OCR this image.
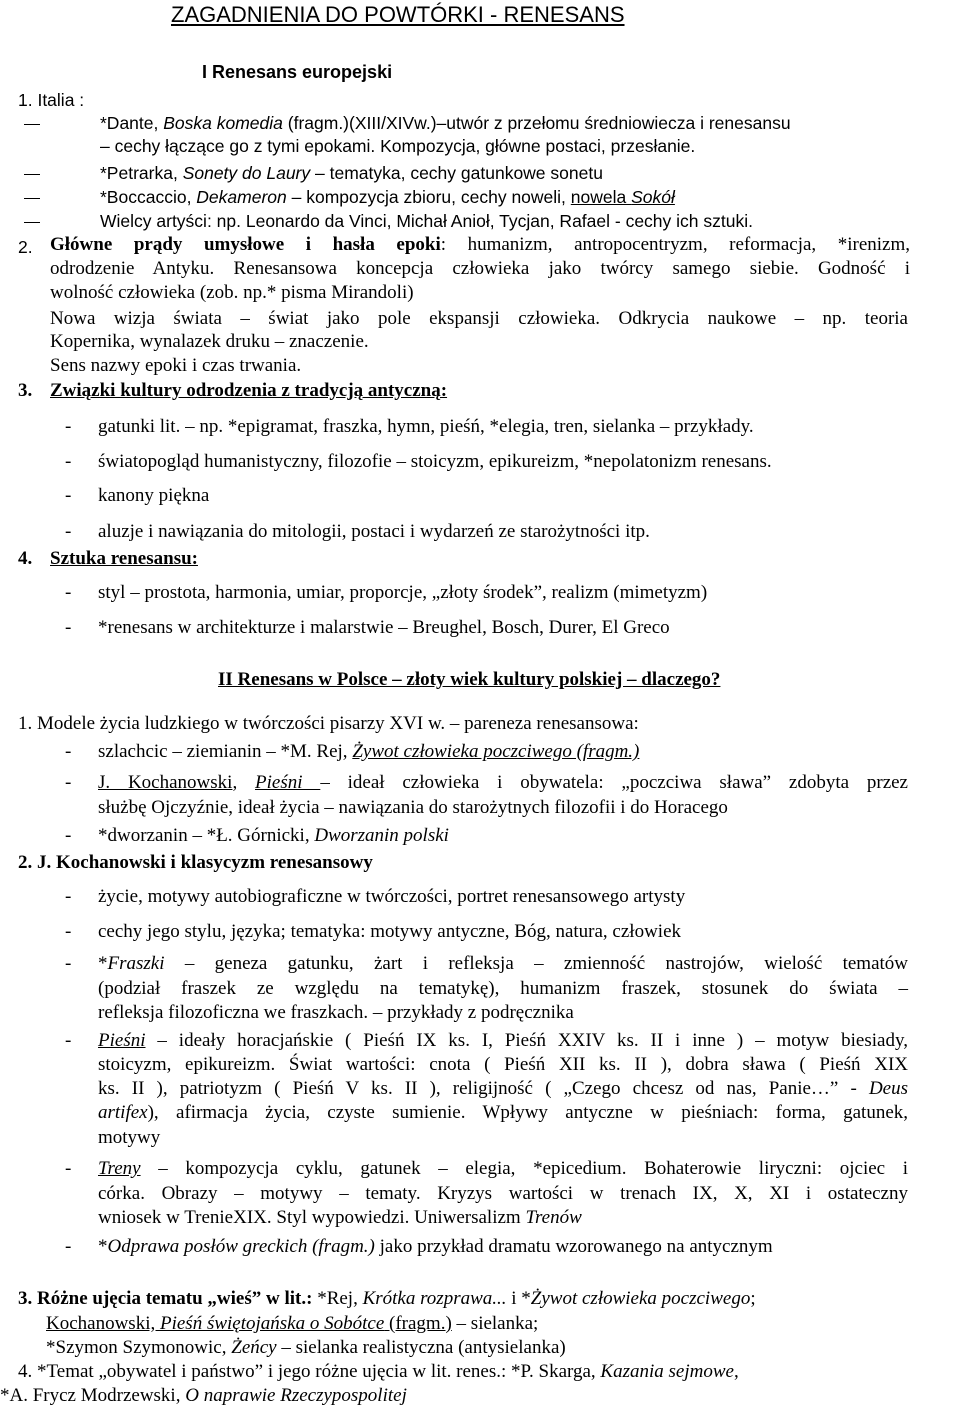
ZAGADNIENIA DO POWTÓRKI - RENESANS
I Renesans europejski
1. Italia :
*Dante, Boska komedia (fragm.)(XIII/XIVw.)–utwór z przełomu średniowiecza i renesansu
– cechy łączące go z tymi epokami. Kompozycja, główne postaci, przesłanie.
*Petrarka, Sonety do Laury – tematyka, cechy gatunkowe sonetu
*Boccaccio, Dekameron – kompozycja zbioru, cechy noweli, nowela Sokół
Wielcy artyści: np. Leonardo da Vinci, Michał Anioł, Tycjan, Rafael - cechy ich sztuki.
2. Główne prądy umysłowe i hasła epoki: humanizm, antropocentryzm, reformacja, *irenizm,
odrodzenie Antyku. Renesansowa koncepcja człowieka jako twórcy samego siebie. Godność i
wolność człowieka (zob. np.* pisma Mirandoli)
Nowa wizja świata – świat jako pole ekspansji człowieka. Odkrycia naukowe – np. teoria
Kopernika, wynalazek druku – znaczenie.
Sens nazwy epoki i czas trwania.
3. Związki kultury odrodzenia z tradycją antyczną:
- gatunki lit. – np. *epigramat, fraszka, hymn, pieśń, *elegia, tren, sielanka – przykłady.
- światopogląd humanistyczny, filozofie – stoicyzm, epikureizm, *nepolatonizm renesans.
- kanony piękna
- aluzje i nawiązania do mitologii, postaci i wydarzeń ze starożytności itp.
4. Sztuka renesansu:
- styl – prostota, harmonia, umiar, proporcje, „złoty środek”, realizm (mimetyzm)
- *renesans w architekturze i malarstwie – Breughel, Bosch, Durer, El Greco
II Renesans w Polsce – złoty wiek kultury polskiej – dlaczego?
1. Modele życia ludzkiego w twórczości pisarzy XVI w. – pareneza renesansowa:
- szlachcic – ziemianin – *M. Rej, Żywot człowieka poczciwego (fragm.)
- J. Kochanowski, Pieśni – ideał człowieka i obywatela: „poczciwa sława” zdobyta przez
służbę Ojczyźnie, ideał życia – nawiązania do starożytnych filozofii i do Horacego
- *dworzanin – *Ł. Górnicki, Dworzanin polski
2. J. Kochanowski i klasycyzm renesansowy
- życie, motywy autobiograficzne w twórczości, portret renesansowego artysty
- cechy jego stylu, języka; tematyka: motywy antyczne, Bóg, natura, człowiek
- *Fraszki – geneza gatunku, żart i refleksja – zmienność nastrojów, wielość tematów
(podział fraszek ze względu na tematykę), humanizm fraszek, stosunek do świata –
refleksja filozoficzna we fraszkach. – przykłady z podręcznika
- Pieśni – ideały horacjańskie ( Pieśń IX ks. I, Pieśń XXIV ks. II i inne ) – motyw biesiady,
stoicyzm, epikureizm. Świat wartości: cnota ( Pieśń XII ks. II ), dobra sława ( Pieśń XIX
ks. II ), patriotyzm ( Pieśń V ks. II ), religijność ( „Czego chcesz od nas, Panie…” - Deus
artifex), afirmacja życia, czyste sumienie. Wpływy antyczne w pieśniach: forma, gatunek,
motywy
- Treny – kompozycja cyklu, gatunek – elegia, *epicedium. Bohaterowie liryczni: ojciec i
córka. Obrazy – motywy – tematy. Kryzys wartości w trenach IX, X, XI i ostateczny
wniosek w TrenieXIX. Styl wypowiedzi. Uniwersalizm Trenów
- *Odprawa posłów greckich (fragm.) jako przykład dramatu wzorowanego na antycznym
3. Różne ujęcia tematu „wieś” w lit.: *Rej, Krótka rozprawa... i *Żywot człowieka poczciwego;
Kochanowski, Pieśń świętojańska o Sobótce (fragm.) – sielanka;
*Szymon Szymonowic, Żeńcy – sielanka realistyczna (antysielanka)
4. *Temat „obywatel i państwo” i jego różne ujęcia w lit. renes.: *P. Skarga, Kazania sejmowe,
*A. Frycz Modrzewski, O naprawie Rzeczypospolitej
